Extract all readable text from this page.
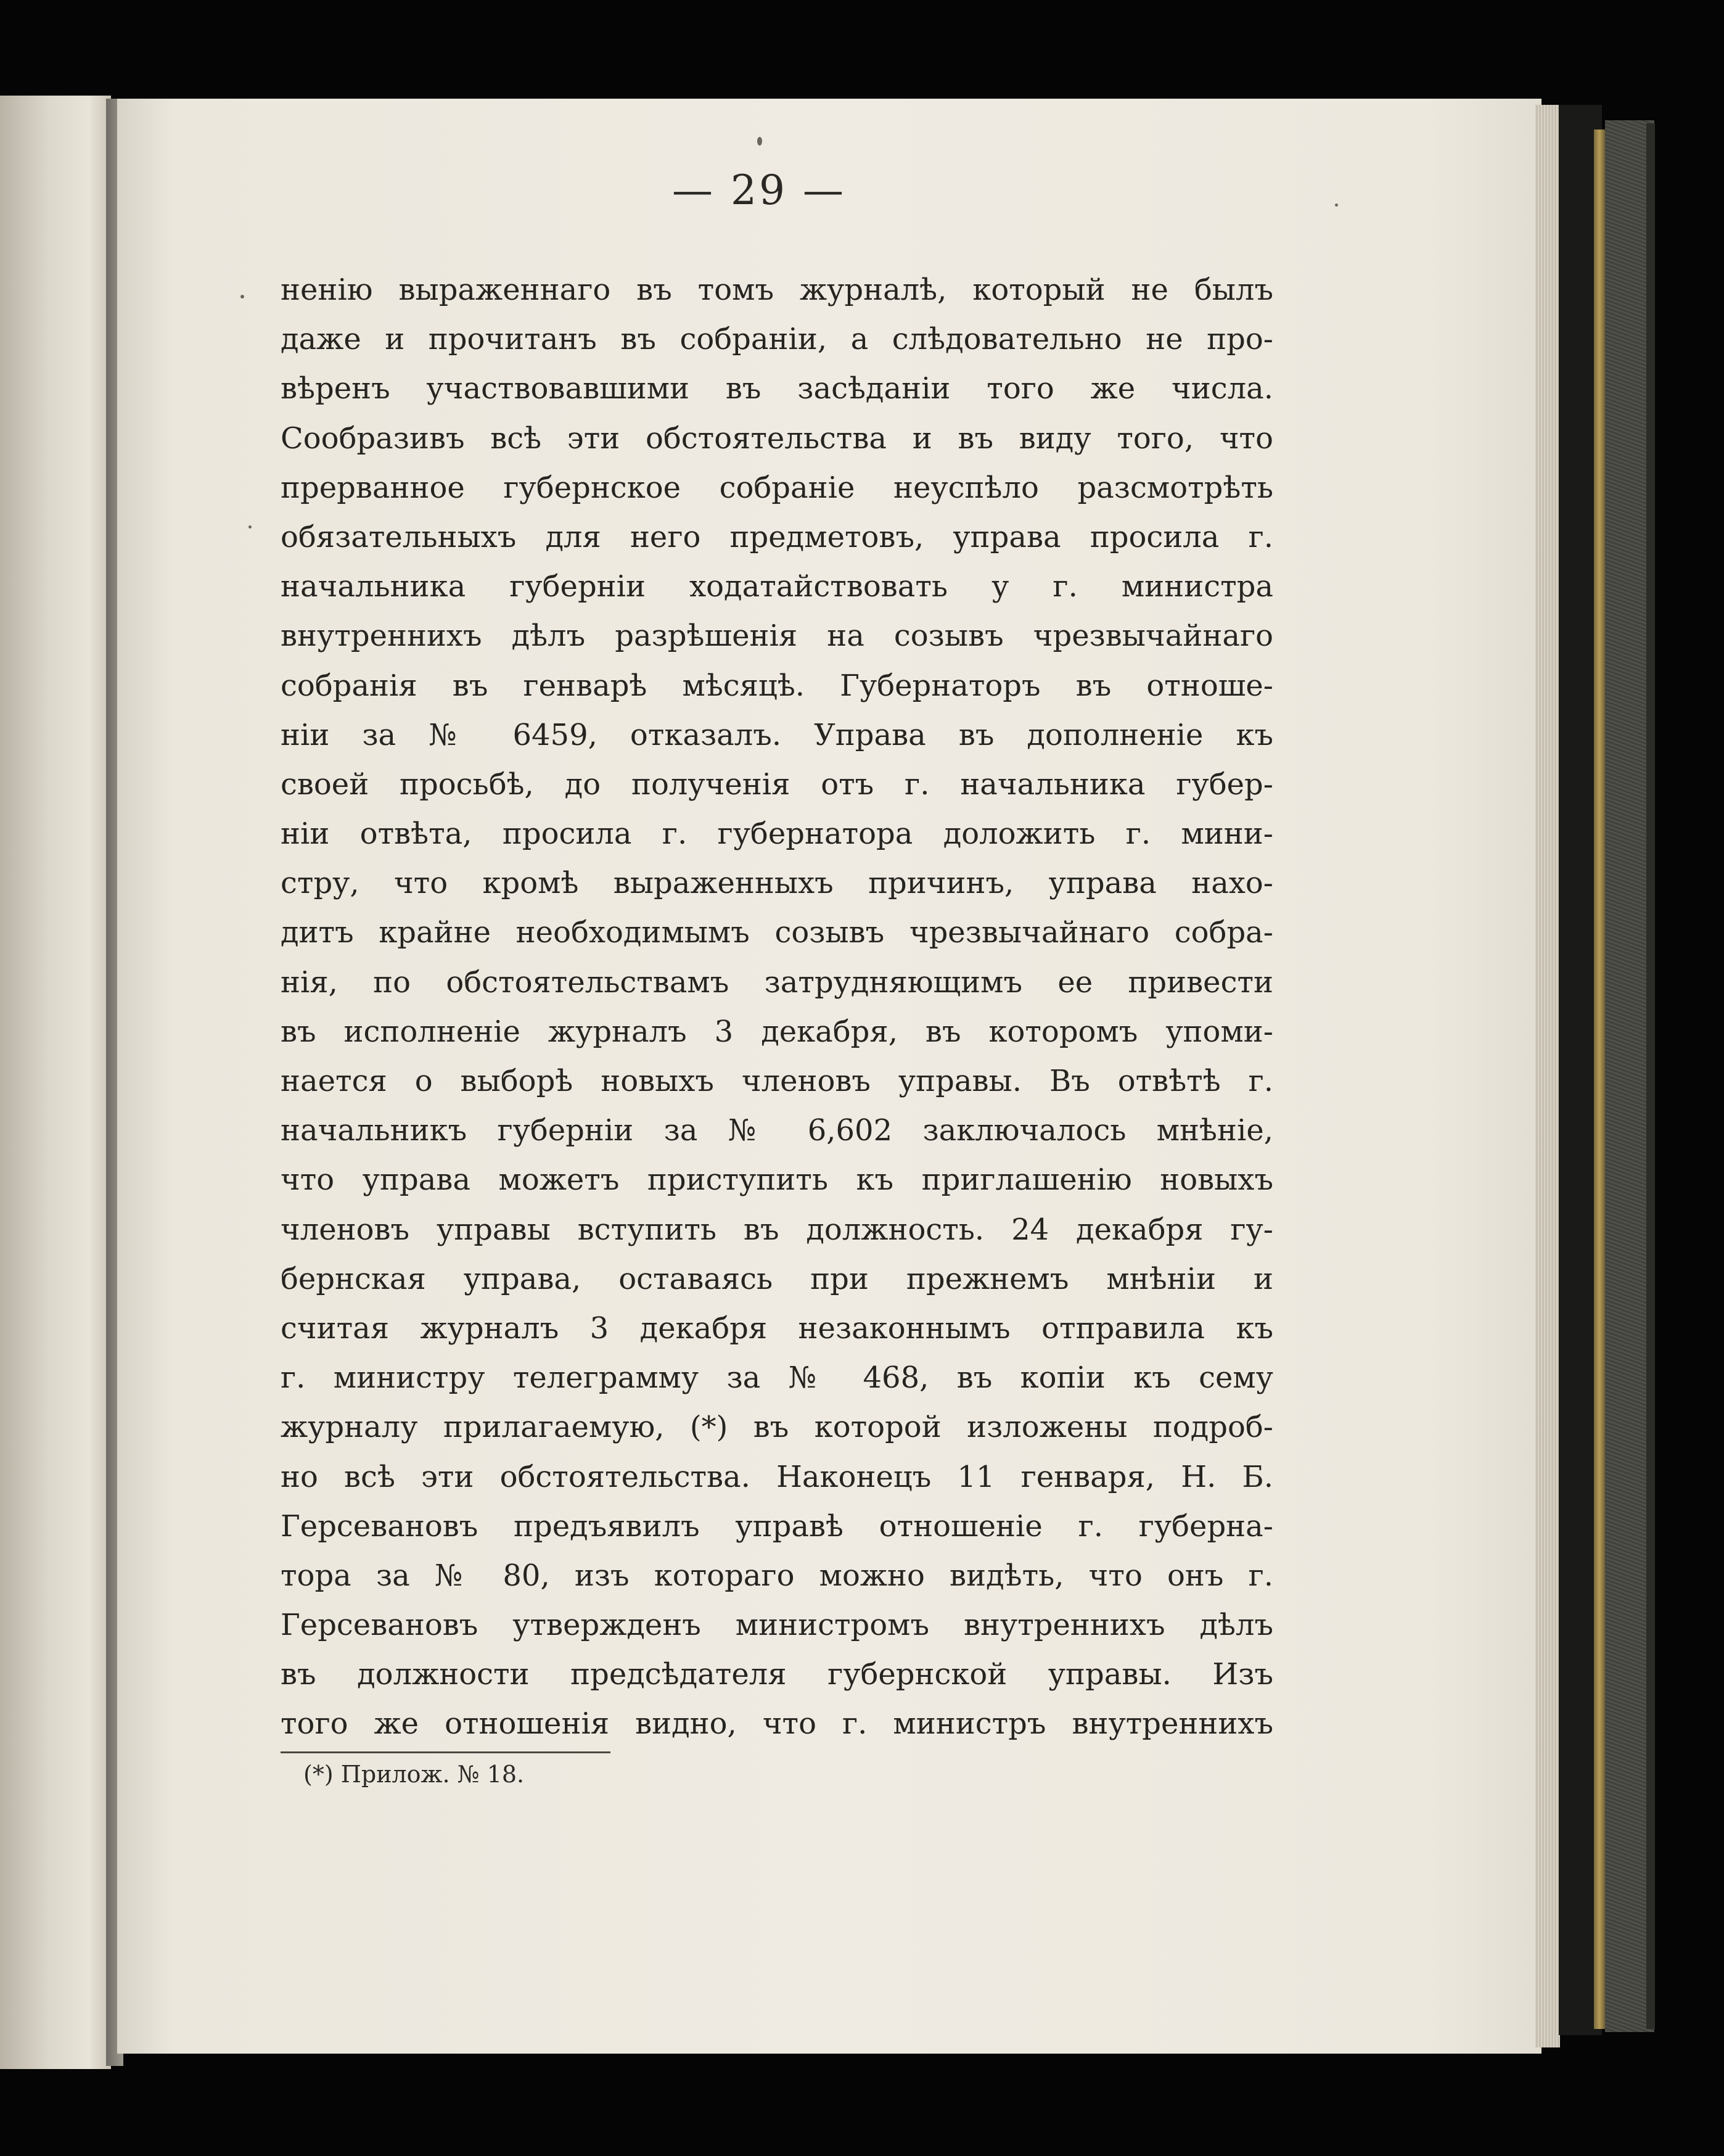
— 29 —
ненію выраженнаго въ томъ журналѣ, который не былъ
даже и прочитанъ въ собраніи, а слѣдовательно не про-
вѣренъ участвовавшими въ засѣданіи того же числа.
Сообразивъ всѣ эти обстоятельства и въ виду того, что
прерванное губернское собраніе неуспѣло разсмотрѣть
обязательныхъ для него предметовъ, управа просила г.
начальника губерніи ходатайствовать у г. министра
внутреннихъ дѣлъ разрѣшенія на созывъ чрезвычайнаго
собранія въ генварѣ мѣсяцѣ. Губернаторъ въ отноше-
ніи за № 6459, отказалъ. Управа въ дополненіе къ
своей просьбѣ, до полученія отъ г. начальника губер-
ніи отвѣта, просила г. губернатора доложить г. мини-
стру, что кромѣ выраженныхъ причинъ, управа нахо-
дитъ крайне необходимымъ созывъ чрезвычайнаго собра-
нія, по обстоятельствамъ затрудняющимъ ее привести
въ исполненіе журналъ 3 декабря, въ которомъ упоми-
нается о выборѣ новыхъ членовъ управы. Въ отвѣтѣ г.
начальникъ губерніи за № 6,602 заключалось мнѣніе,
что управа можетъ приступить къ приглашенію новыхъ
членовъ управы вступить въ должность. 24 декабря гу-
бернская управа, оставаясь при прежнемъ мнѣніи и
считая журналъ 3 декабря незаконнымъ отправила къ
г. министру телеграмму за № 468, въ копіи къ сему
журналу прилагаемую, (*) въ которой изложены подроб-
но всѣ эти обстоятельства. Наконецъ 11 генваря, Н. Б.
Герсевановъ предъявилъ управѣ отношеніе г. губерна-
тора за № 80, изъ котораго можно видѣть, что онъ г.
Герсевановъ утвержденъ министромъ внутреннихъ дѣлъ
въ должности предсѣдателя губернской управы. Изъ
того же отношенія видно, что г. министръ внутреннихъ
(*) Прилож. № 18.
